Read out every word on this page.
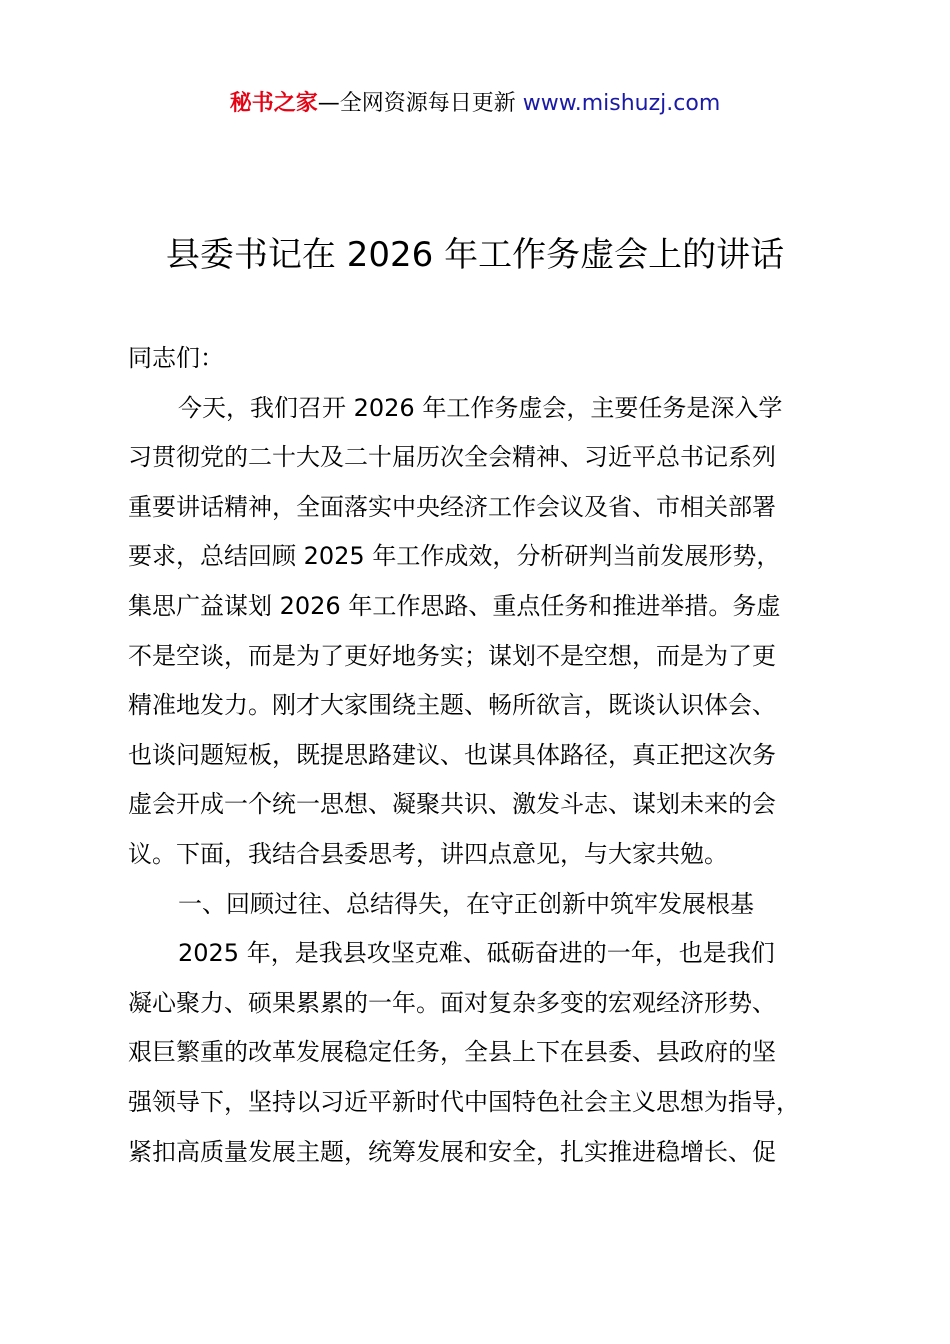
秘书之家—全网资源每日更新 www.mishuzj.com
县委书记在 2026 年工作务虚会上的讲话
同志们：
今天，我们召开 2026 年工作务虚会，主要任务是深入学
习贯彻党的二十大及二十届历次全会精神、习近平总书记系列
重要讲话精神，全面落实中央经济工作会议及省、市相关部署
要求，总结回顾 2025 年工作成效，分析研判当前发展形势，
集思广益谋划 2026 年工作思路、重点任务和推进举措。务虚
不是空谈，而是为了更好地务实；谋划不是空想，而是为了更
精准地发力。刚才大家围绕主题、畅所欲言，既谈认识体会、
也谈问题短板，既提思路建议、也谋具体路径，真正把这次务
虚会开成一个统一思想、凝聚共识、激发斗志、谋划未来的会
议。下面，我结合县委思考，讲四点意见，与大家共勉。
一、回顾过往、总结得失，在守正创新中筑牢发展根基
2025 年，是我县攻坚克难、砥砺奋进的一年，也是我们
凝心聚力、硕果累累的一年。面对复杂多变的宏观经济形势、
艰巨繁重的改革发展稳定任务，全县上下在县委、县政府的坚
强领导下，坚持以习近平新时代中国特色社会主义思想为指导，
紧扣高质量发展主题，统筹发展和安全，扎实推进稳增长、促
